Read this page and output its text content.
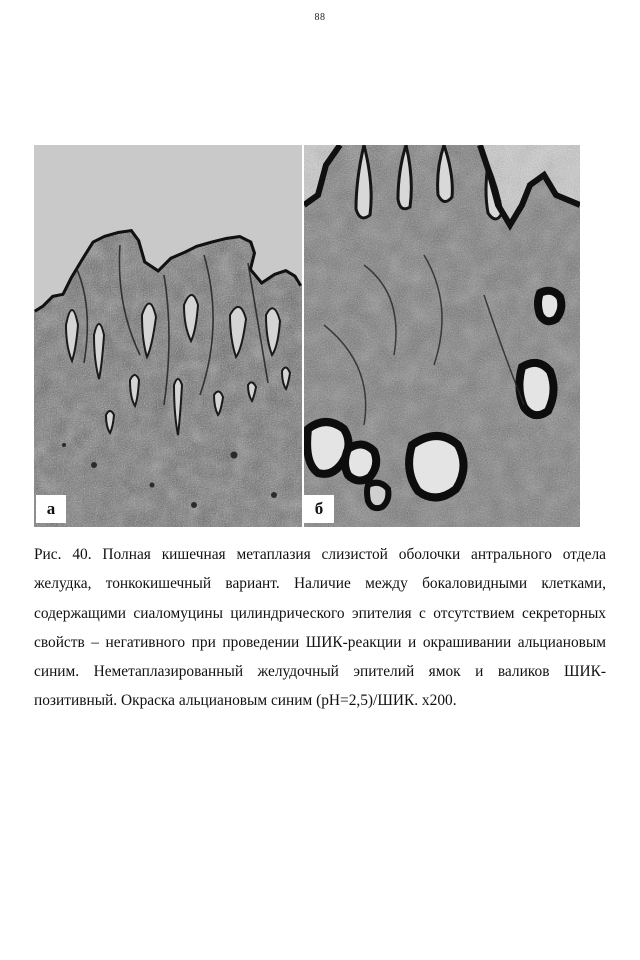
88
а	б
Рис. 40. Полная кишечная метаплазия слизистой оболочки антрального отдела желудка, тонкокишечный вариант. Наличие между бокаловидными клетками, содержащими сиаломуцины цилиндрического эпителия с отсутствием секреторных свойств – негативного при проведении ШИК-реакции и окрашивании альциановым синим. Неметаплазированный желудочный эпителий ямок и валиков ШИК-позитивный. Окраска альциановым синим (pH=2,5)/ШИК. х200.
